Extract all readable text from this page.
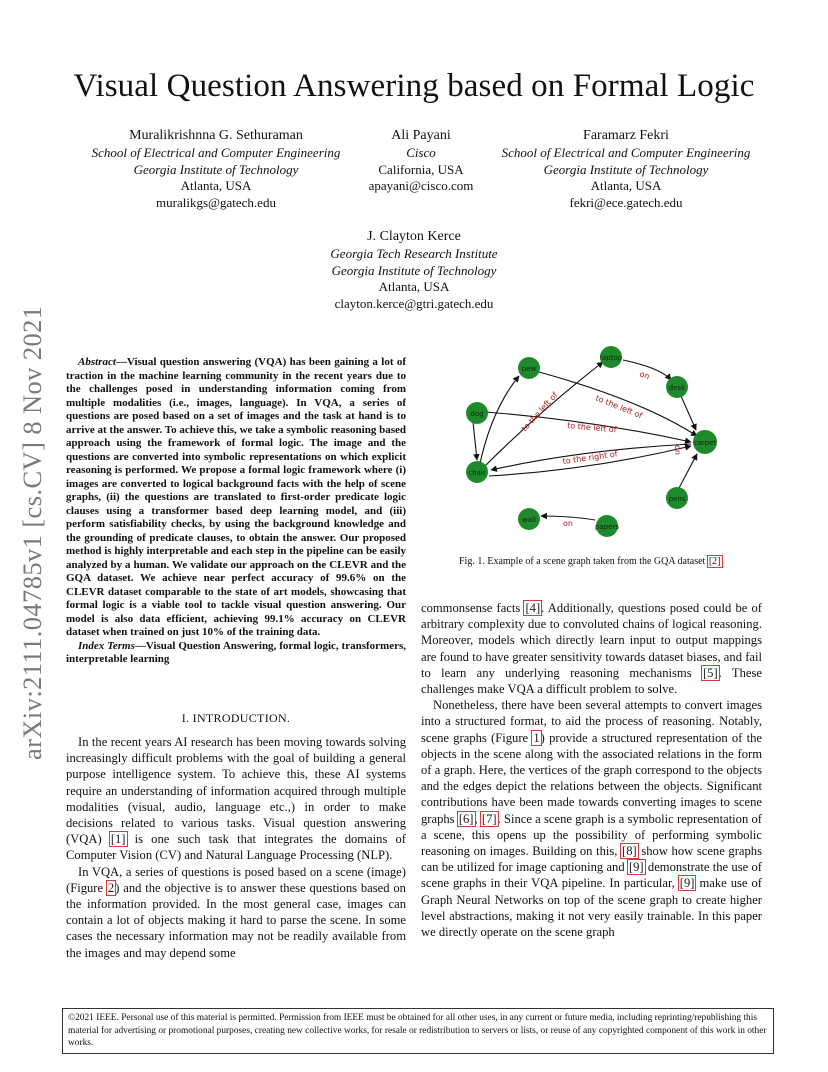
Visual Question Answering based on Formal Logic
Muralikrishnna G. Sethuraman
School of Electrical and Computer Engineering
Georgia Institute of Technology
Atlanta, USA
muralikgs@gatech.edu
Ali Payani
Cisco
California, USA
apayani@cisco.com
Faramarz Fekri
School of Electrical and Computer Engineering
Georgia Institute of Technology
Atlanta, USA
fekri@ece.gatech.edu
J. Clayton Kerce
Georgia Tech Research Institute
Georgia Institute of Technology
Atlanta, USA
clayton.kerce@gtri.gatech.edu
arXiv:2111.04785v1 [cs.CV] 8 Nov 2021	Abstract—Visual question answering (VQA) has been gaining a lot of traction in the machine learning community in the recent years due to the challenges posed in understanding information coming from multiple modalities (i.e., images, language). In VQA, a series of questions are posed based on a set of images and the task at hand is to arrive at the answer. To achieve this, we take a symbolic reasoning based approach using the framework of formal logic. The image and the questions are converted into symbolic representations on which explicit reasoning is performed. We propose a formal logic framework where (i) images are converted to logical background facts with the help of scene graphs, (ii) the questions are translated to first-order predicate logic clauses using a transformer based deep learning model, and (iii) perform satisfiability checks, by using the background knowledge and the grounding of predicate clauses, to obtain the answer. Our proposed method is highly interpretable and each step in the pipeline can be easily analyzed by a human. We validate our approach on the CLEVR and the GQA dataset. We achieve near perfect accuracy of 99.6% on the CLEVR dataset comparable to the state of art models, showcasing that formal logic is a viable tool to tackle visual question answering. Our model is also data efficient, achieving 99.1% accuracy on CLEVR dataset when trained on just 10% of the training data.

Index Terms—Visual Question Answering, formal logic, transformers, interpretable learning

I. INTRODUCTION.

In the recent years AI research has been moving towards solving increasingly difficult problems with the goal of building a general purpose intelligence system. To achieve this, these AI systems require an understanding of information acquired through multiple modalities (visual, audio, language etc.,) in order to make decisions related to various tasks. Visual question answering (VQA) [1] is one such task that integrates the domains of Computer Vision (CV) and Natural Language Processing (NLP).

In VQA, a series of questions is posed based on a scene (image) (Figure 2) and the objective is to answer these questions based on the information provided. In the most general case, images can contain a lot of objects making it hard to parse the scene. In some cases the necessary information may not be readily available from the images and may depend some

on
to the left of	to the left of
to the left of
to the right of	on
on
pew
laptop
desk
dog
carpet
chair
pens
wall
papers
Fig. 1. Example of a scene graph taken from the GQA dataset [2].

commonsense facts [4]. Additionally, questions posed could be of arbitrary complexity due to convoluted chains of logical reasoning. Moreover, models which directly learn input to output mappings are found to have greater sensitivity towards dataset biases, and fail to learn any underlying reasoning mechanisms [5]. These challenges make VQA a difficult problem to solve.

Nonetheless, there have been several attempts to convert images into a structured format, to aid the process of reasoning. Notably, scene graphs (Figure 1) provide a structured representation of the objects in the scene along with the associated relations in the form of a graph. Here, the vertices of the graph correspond to the objects and the edges depict the relations between the objects. Significant contributions have been made towards converting images to scene graphs [6], [7]. Since a scene graph is a symbolic representation of a scene, this opens up the possibility of performing symbolic reasoning on images. Building on this, [8] show how scene graphs can be utilized for image captioning and [9] demonstrate the use of scene graphs in their VQA pipeline. In particular, [9] make use of Graph Neural Networks on top of the scene graph to create higher level abstractions, making it not very easily trainable. In this paper we directly operate on the scene graph

©2021 IEEE. Personal use of this material is permitted. Permission from IEEE must be obtained for all other uses, in any current or future media, including reprinting/republishing this material for advertising or promotional purposes, creating new collective works, for resale or redistribution to servers or lists, or reuse of any copyrighted component of this work in other works.
